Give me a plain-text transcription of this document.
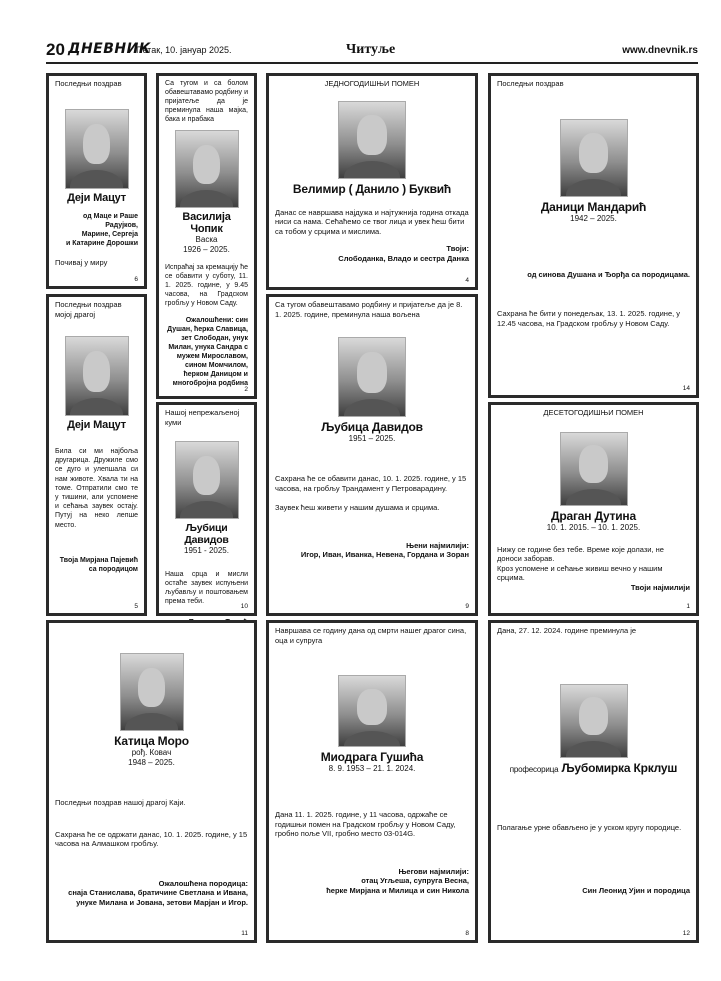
20 ДНЕВНИК
Петак, 10. јануар 2025.	Читуље	www.dnevnik.rs
Последњи поздрав
Деји Мацут
од Маце и Раше Радујков,
Марине, Сергеја
и Катарине Дорошки
Почивај у миру
6
Последњи поздрав мојој драгој
Деји Мацут
Била си ми најбоља другарица. Дружиле смо се дуго и улепшала си нам животе. Хвала ти на томе. Отпратили смо те у тишини, али успомене и сећања заувек остају. Путуј на неко лепше место.
Твоја Мирјана Пајевић са породицом
5
Са тугом и са болом обавештавамо родбину и пријатеље да је преминула наша мајка, бака и прабака
Василија Чопик
Васка
1926 – 2025.
Испраћај за кремацију ће се обавити у суботу, 11. 1. 2025. године, у 9.45 часова, на Градском гробљу у Новом Саду.
Ожалошћени: син Душан, ћерка Славица, зет Слободан, унук Милан, унука Сандра с мужем Мирославом, сином Момчилом, ћерком Даницом и многобројна родбина
2
Нашој непрежаљеној куми
Љубици Давидов
1951 - 2025.
Наша срца и мисли остаће заувек испуњени љубављу и поштовањем према теби.
10
ЈЕДНОГОДИШЊИ ПОМЕН
Велимир ( Данило ) Буквић
Данас се навршава најдужа и најтужнија година откада ниси са нама. Сећаћемо се твог лица и увек ћеш бити са тобом у срцима и мислима.
Твоји:
Слободанка, Владо и сестра Данка
4
Са тугом обавештавамо родбину и пријатеље да је 8. 1. 2025. године, преминула наша вољена
Љубица Давидов
1951 – 2025.
Сахрана ће се обавити данас, 10. 1. 2025. године, у 15 часова, на гробљу Трандамент у Петроварадину.
Заувек ћеш живети у нашим душама и срцима.
Њени најмилији:
Игор, Иван, Иванка, Невена, Гордана и Зоран
9
Последњи поздрав
Даници Мандарић
1942 – 2025.
од синова Душана и Ђорђа са породицама.
Сахрана ће бити у понедељак, 13. 1. 2025. године, у 12.45 часова, на Градском гробљу у Новом Саду.
14
ДЕСЕТОГОДИШЊИ ПОМЕН
Драган Дутина
10. 1. 2015. – 10. 1. 2025.
Нижу се године без тебе. Време које долази, не доноси заборав.
Кроз успомене и сећање живиш вечно у нашим срцима.
Твоји најмилији
1
Катица Моро
рођ. Ковач
1948 – 2025.
Последњи поздрав нашој драгој Каји.
Сахрана ће се одржати данас, 10. 1. 2025. године, у 15 часова на Алмашком гробљу.
Ожалошћена породица:
снаја Станислава, братичине Светлана и Ивана, унуке Милана и Јована, зетови Марјан и Игор.
11
Навршава се годину дана од смрти нашег драгог сина, оца и супруга
Миодрага Гушића
8. 9. 1953 – 21. 1. 2024.
Дана 11. 1. 2025. године, у 11 часова, одржаће се годишњи помен на Градском гробљу у Новом Саду, гробно поље VII, гробно место 03-014G.
Његови најмилији:
отац Угљеша, супруга Весна,
ћерке Мирјана и Милица и син Никола
8
Дана, 27. 12. 2024. године преминула је
професорица Љубомирка Крклуш
Полагање урне обављено је у уском кругу породице.
Син Леонид Ујин и породица
12
